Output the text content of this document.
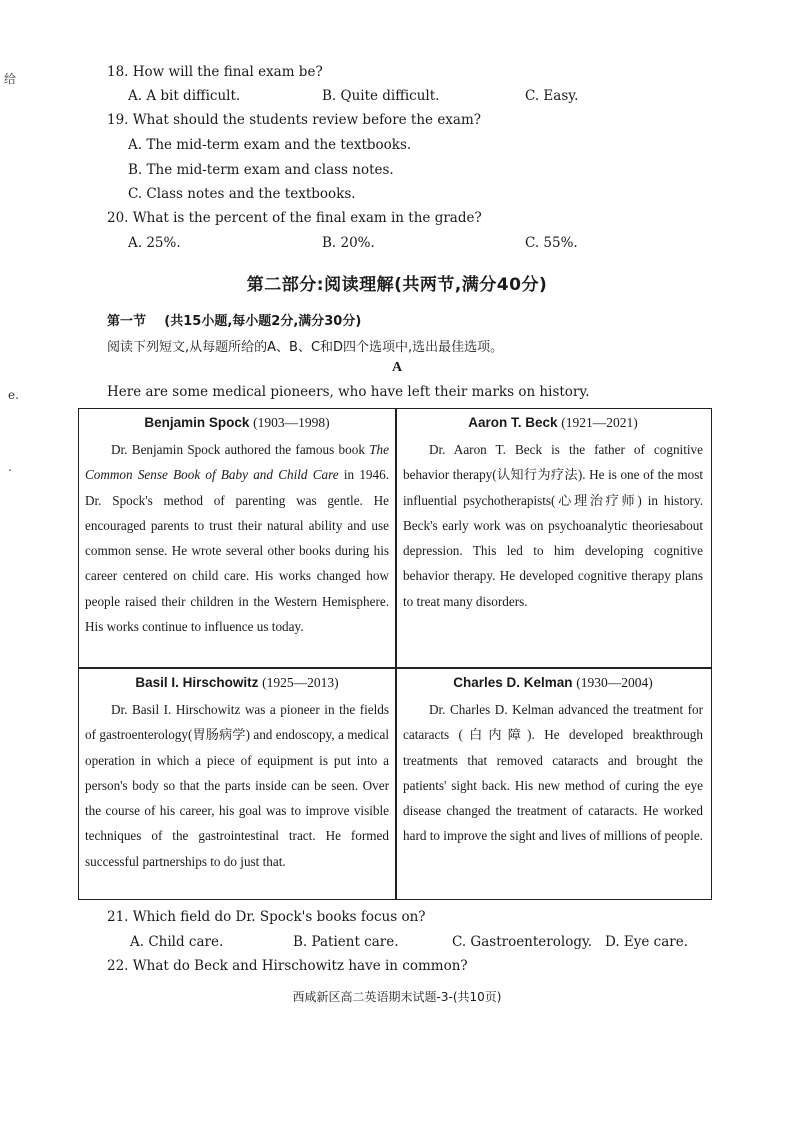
给
e.
.
18. How will the final exam be?
A. A bit difficult.	B. Quite difficult.	C. Easy.
19. What should the students review before the exam?
A. The mid-term exam and the textbooks.
B. The mid-term exam and class notes.
C. Class notes and the textbooks.
20. What is the percent of the final exam in the grade?
A. 25%.	B. 20%.	C. 55%.
第二部分:阅读理解(共两节,满分40分)
第一节 (共15小题,每小题2分,满分30分)
阅读下列短文,从每题所给的A、B、C和D四个选项中,选出最佳选项。
A
Here are some medical pioneers, who have left their marks on history.
Benjamin Spock (1903—1998)

Dr. Benjamin Spock authored the famous book The Common Sense Book of Baby and Child Care in 1946. Dr. Spock's method of parenting was gentle. He encouraged parents to trust their natural ability and use common sense. He wrote several other books during his career centered on child care. His works changed how people raised their children in the Western Hemisphere. His works continue to influence us today.

Aaron T. Beck (1921—2021)

Dr. Aaron T. Beck is the father of cognitive behavior therapy(认知行为疗法). He is one of the most influential psychotherapists(心理治疗师) in history. Beck's early work was on psychoanalytic theoriesabout depression. This led to him developing cognitive behavior therapy. He developed cognitive therapy plans to treat many disorders.

Basil I. Hirschowitz (1925—2013)

Dr. Basil I. Hirschowitz was a pioneer in the fields of gastroenterology(胃肠病学) and endoscopy, a medical operation in which a piece of equipment is put into a person's body so that the parts inside can be seen. Over the course of his career, his goal was to improve visible techniques of the gastrointestinal tract. He formed successful partnerships to do just that.

Charles D. Kelman (1930—2004)

Dr. Charles D. Kelman advanced the treatment for cataracts (白内障). He developed breakthrough treatments that removed cataracts and brought the patients' sight back. His new method of curing the eye disease changed the treatment of cataracts. He worked hard to improve the sight and lives of millions of people.

21. Which field do Dr. Spock's books focus on?
A. Child care.	B. Patient care.	C. Gastroenterology. D. Eye care.
22. What do Beck and Hirschowitz have in common?
西咸新区高二英语期末试题-3-(共10页)
